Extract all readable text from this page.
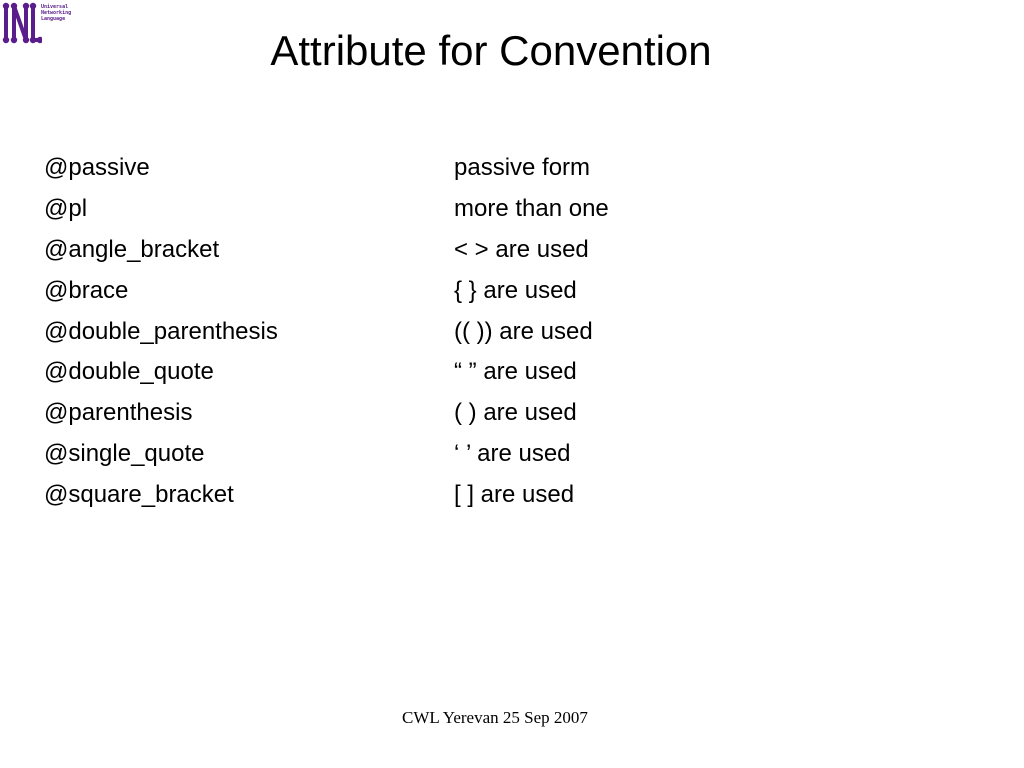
Universal
Networking
Language
Attribute for Convention
@passive	passive form
@pl	more than one
@angle_bracket	< > are used
@brace	{ } are used
@double_parenthesis	(( )) are used
@double_quote	“ ” are used
@parenthesis	( ) are used
@single_quote	‘ ’ are used
@square_bracket	[ ] are used
CWL Yerevan 25 Sep 2007
